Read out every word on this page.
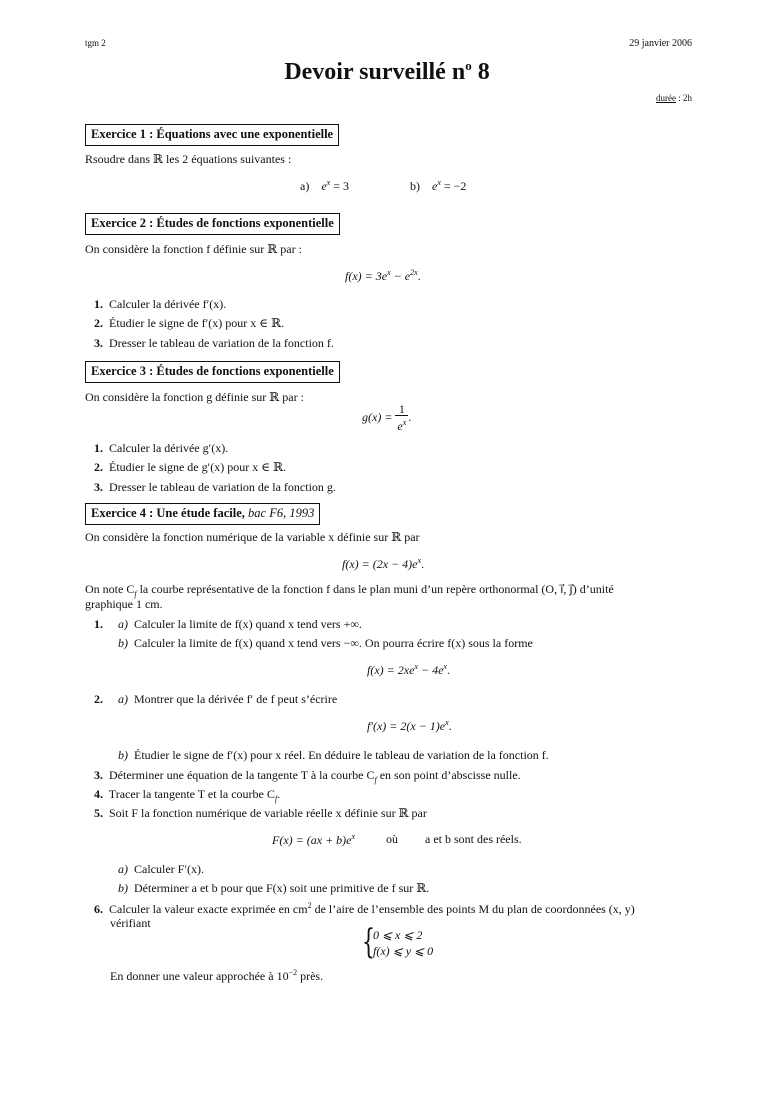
tgm 2	29 janvier 2006
Devoir surveillé $n^o$ 8
durée : 2h
Exercice 1 : Équations avec une exponentielle
Rsoudre dans ℝ les 2 équations suivantes :
a) $e^x = 3$	b) $e^x = -2$
Exercice 2 : Études de fonctions exponentielle
On considère la fonction f définie sur ℝ par :
$f(x) = 3e^x - e^{2x}$.
1. Calculer la dérivée f′(x).
2. Étudier le signe de f′(x) pour x ∈ ℝ.
3. Dresser le tableau de variation de la fonction f.
Exercice 3 : Études de fonctions exponentielle
On considère la fonction g définie sur ℝ par :
$g(x) = \frac{1}{e^x}$ .
1. Calculer la dérivée g′(x).
2. Étudier le signe de g′(x) pour x ∈ ℝ.
3. Dresser le tableau de variation de la fonction g.
Exercice 4 : Une étude facile, bac F6, 1993
On considère la fonction numérique de la variable x définie sur ℝ par
$f(x) = (2x - 4)e^x$.
On note $C_f$ la courbe représentative de la fonction f dans le plan muni d’un repère orthonormal (O, i⃗, j⃗) d’unité
graphique 1 cm.
1. a) Calculer la limite de f(x) quand x tend vers +∞.
b) Calculer la limite de f(x) quand x tend vers −∞. On pourra écrire f(x) sous la forme
$f(x) = 2xe^x - 4e^x$.
2. a) Montrer que la dérivée f′ de f peut s’écrire
$f'(x) = 2(x - 1)e^x$.
b) Étudier le signe de f′(x) pour x réel. En déduire le tableau de variation de la fonction f.
3. Déterminer une équation de la tangente T à la courbe $C_f$ en son point d’abscisse nulle.
4. Tracer la tangente T et la courbe $C_f$.
5. Soit F la fonction numérique de variable réelle x définie sur ℝ par
$F(x) = (ax + b)e^x$	où a et b sont des réels.
a) Calculer F′(x).
b) Déterminer a et b pour que F(x) soit une primitive de f sur ℝ.
6. Calculer la valeur exacte exprimée en $cm^2$ de l’aire de l’ensemble des points M du plan de coordonnées (x, y)
vérifiant	{
0 ⩽ x ⩽ 2
f(x) ⩽ y ⩽ 0
En donner une valeur approchée à $10^{-2}$ près.
